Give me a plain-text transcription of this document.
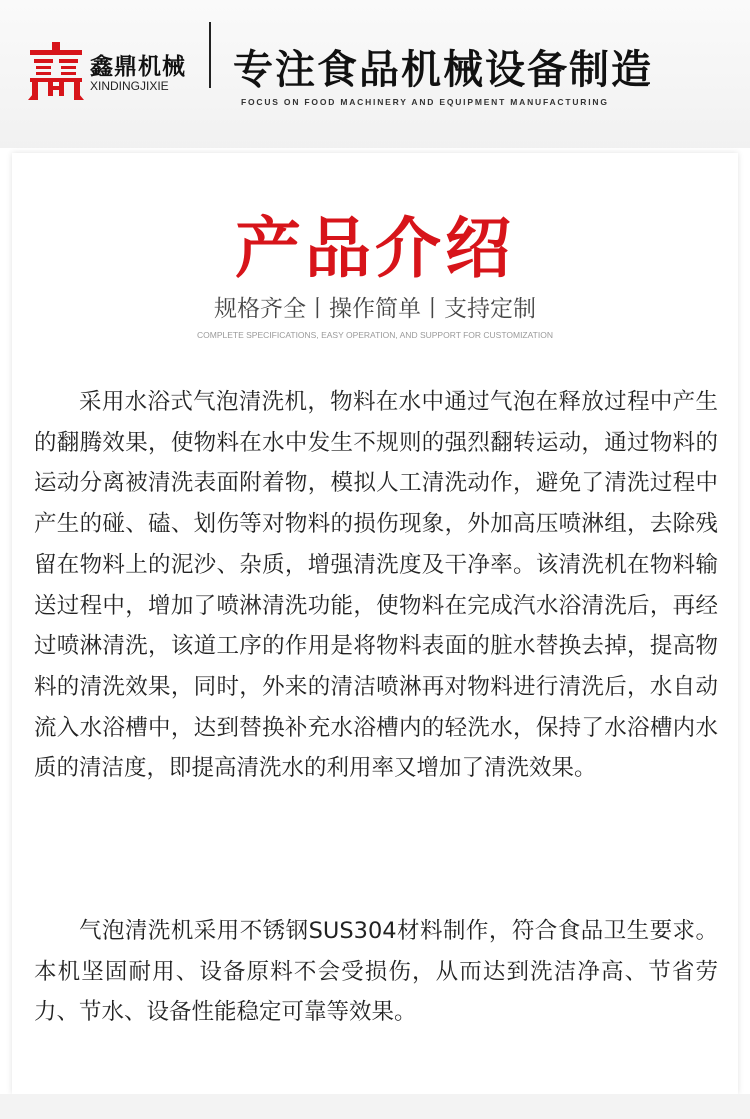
鑫鼎机械
XINDINGJIXIE 专注食品机械设备制造
FOCUS ON FOOD MACHINERY AND EQUIPMENT MANUFACTURING
产品介绍
规格齐全丨操作简单丨支持定制
COMPLETE SPECIFICATIONS, EASY OPERATION, AND SUPPORT FOR CUSTOMIZATION

采用水浴式气泡清洗机，物料在水中通过气泡在释放过程中产生的翻腾效果，使物料在水中发生不规则的强烈翻转运动，通过物料的运动分离被清洗表面附着物，模拟人工清洗动作，避免了清洗过程中产生的碰、磕、划伤等对物料的损伤现象，外加高压喷淋组，去除残留在物料上的泥沙、杂质，增强清洗度及干净率。该清洗机在物料输送过程中，增加了喷淋清洗功能，使物料在完成汽水浴清洗后，再经过喷淋清洗，该道工序的作用是将物料表面的脏水替换去掉，提高物料的清洗效果，同时，外来的清洁喷淋再对物料进行清洗后，水自动流入水浴槽中，达到替换补充水浴槽内的轻洗水，保持了水浴槽内水质的清洁度，即提高清洗水的利用率又增加了清洗效果。

气泡清洗机采用不锈钢SUS304材料制作，符合食品卫生要求。本机坚固耐用、设备原料不会受损伤，从而达到洗洁净高、节省劳力、节水、设备性能稳定可靠等效果。
